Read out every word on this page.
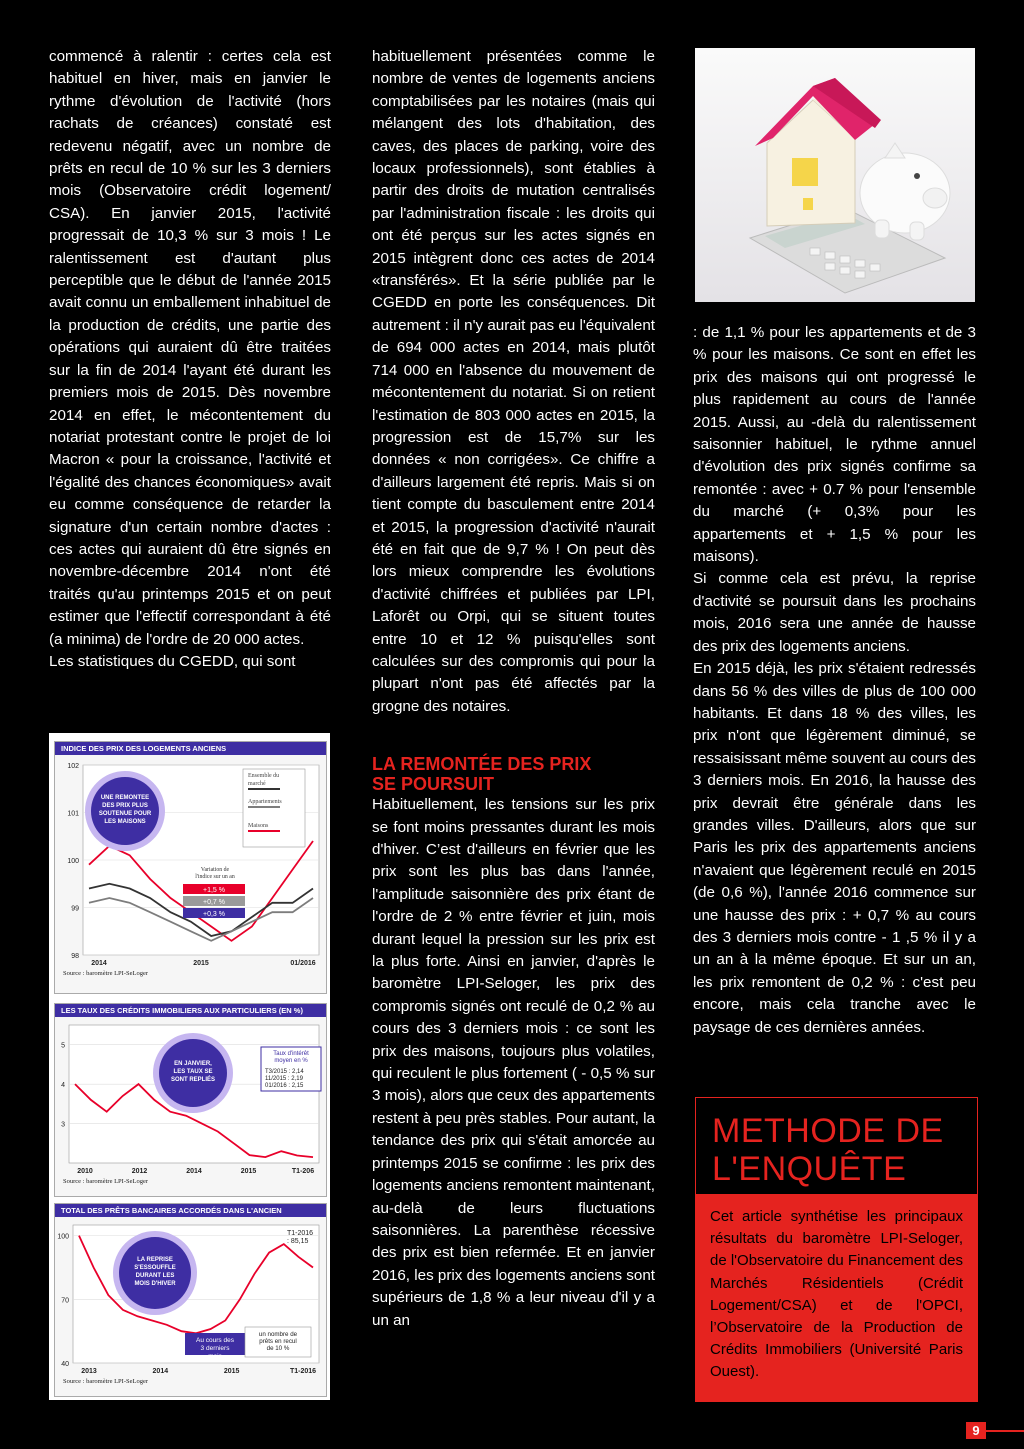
commencé à ralentir : certes cela est habituel en hiver, mais en janvier le rythme d'évolution de l'activité (hors rachats de créances) constaté est redevenu négatif, avec un nombre de prêts en recul de 10 % sur les 3 derniers mois (Observatoire crédit logement/ CSA). En janvier 2015, l'activité progressait de 10,3 % sur 3 mois ! Le ralentissement est d'autant plus perceptible que le début de l'année 2015 avait connu un emballement inhabituel de la production de crédits, une partie des opérations qui auraient dû être traitées sur la fin de 2014 l'ayant été durant les premiers mois de 2015. Dès novembre 2014 en effet, le mécontentement du notariat protestant contre le projet de loi Macron « pour la croissance, l'activité et l'égalité des chances économiques» avait eu comme conséquence de retarder la signature d'un certain nombre d'actes : ces actes qui auraient dû être signés en novembre-décembre 2014 n'ont été traités qu'au printemps 2015 et on peut estimer que l'effectif correspondant à été (a minima) de l'ordre de 20 000 actes.

Les statistiques du CGEDD, qui sont

INDICE DES PRIX DES LOGEMENTS ANCIENS
102
101
100
99
98
2014	2015	01/2016
Source : baromètre LPI-SeLoger
UNE REMONTEE
DES PRIX PLUS
SOUTENUE POUR
LES MAISONS
Ensemble du
marché
Appartements
Maisons
Variation de
l'indice sur un an
+1,5 %
+0,7 %
+0,3 %
LES TAUX DES CRÉDITS IMMOBILIERS AUX PARTICULIERS (EN %)
5
4
3
2010	2012	2014	2015	T1-206
Source : baromètre LPI-SeLoger
EN JANVIER,
LES TAUX SE
SONT REPLIÉS
Taux d'intérêt
moyen en %
T3/2015 : 2,14
11/2015 : 2,19
01/2016 : 2,15
TOTAL DES PRÊTS BANCAIRES ACCORDÉS DANS L'ANCIEN
100
70
40
2013	2014	2015	T1-2016
Source : baromètre LPI-SeLoger
LA REPRISE
S'ESSOUFFLE
DURANT LES
MOIS D'HIVER
T1-2016
: 85,15
Au cours des
3 derniers
mois
un nombre de
prêts en recul
de 10 %

habituellement présentées comme le nombre de ventes de logements anciens comptabilisées par les notaires (mais qui mélangent des lots d'habitation, des caves, des places de parking, voire des locaux professionnels), sont établies à partir des droits de mutation centralisés par l'administration fiscale : les droits qui ont été perçus sur les actes signés en 2015 intègrent donc ces actes de 2014 «transférés». Et la série publiée par le CGEDD en porte les conséquences. Dit autrement : il n'y aurait pas eu l'équivalent de 694 000 actes en 2014, mais plutôt 714 000 en l'absence du mouvement de mécontentement du notariat. Si on retient l'estimation de 803 000 actes en 2015, la progression est de 15,7% sur les données « non corrigées». Ce chiffre a d'ailleurs largement été repris. Mais si on tient compte du basculement entre 2014 et 2015, la progression d'activité n'aurait été en fait que de 9,7 % ! On peut dès lors mieux comprendre les évolutions d'activité chiffrées et publiées par LPI, Laforêt ou Orpi, qui se situent toutes entre 10 et 12 % puisqu'elles sont calculées sur des compromis qui pour la plupart n'ont pas été affectés par la grogne des notaires.

LA REMONTÉE DES PRIX
SE POURSUIT

Habituellement, les tensions sur les prix se font moins pressantes durant les mois d'hiver. C’est d'ailleurs en février que les prix sont les plus bas dans l'année, l'amplitude saisonnière des prix étant de l'ordre de 2 % entre février et juin, mois durant lequel la pression sur les prix est la plus forte. Ainsi en janvier, d'après le baromètre LPI-Seloger, les prix des compromis signés ont reculé de 0,2 % au cours des 3 derniers mois : ce sont les prix des maisons, toujours plus volatiles, qui reculent le plus fortement ( - 0,5 % sur 3 mois), alors que ceux des appartements restent à peu près stables. Pour autant, la tendance des prix qui s'était amorcée au printemps 2015 se confirme : les prix des logements anciens remontent maintenant, au-delà de leurs fluctuations saisonnières. La parenthèse récessive des prix est bien refermée. Et en janvier 2016, les prix des logements anciens sont supérieurs de 1,8 % a leur niveau d'il y a un an

: de 1,1 % pour les appartements et de 3 % pour les maisons. Ce sont en effet les prix des maisons qui ont progressé le plus rapidement au cours de l'année 2015. Aussi, au -delà du ralentissement saisonnier habituel, le rythme annuel d'évolution des prix signés confirme sa remontée : avec + 0.7 % pour l'ensemble du marché (+ 0,3% pour les appartements et + 1,5 % pour les maisons).

Si comme cela est prévu, la reprise d'activité se poursuit dans les prochains mois, 2016 sera une année de hausse des prix des logements anciens.

En 2015 déjà, les prix s'étaient redressés dans 56 % des villes de plus de 100 000 habitants. Et dans 18 % des villes, les prix n'ont que légèrement diminué, se ressaisissant même souvent au cours des 3 derniers mois. En 2016, la hausse des prix devrait être générale dans les grandes villes. D'ailleurs, alors que sur Paris les prix des appartements anciens n'avaient que légèrement reculé en 2015 (de 0,6 %), l'année 2016 commence sur une hausse des prix : + 0,7 % au cours des 3 derniers mois contre - 1 ,5 % il y a un an à la même époque. Et sur un an, les prix remontent de 0,2 % : c'est peu encore, mais cela tranche avec le paysage de ces dernières années.

METHODE DE
L'ENQUÊTE
Cet article synthétise les principaux résultats du baromètre LPI-Seloger, de l'Observatoire du Financement des Marchés Résidentiels (Crédit Logement/CSA) et de l'OPCI, l’Observatoire de la Production de Crédits Immobiliers (Université Paris Ouest).
9
